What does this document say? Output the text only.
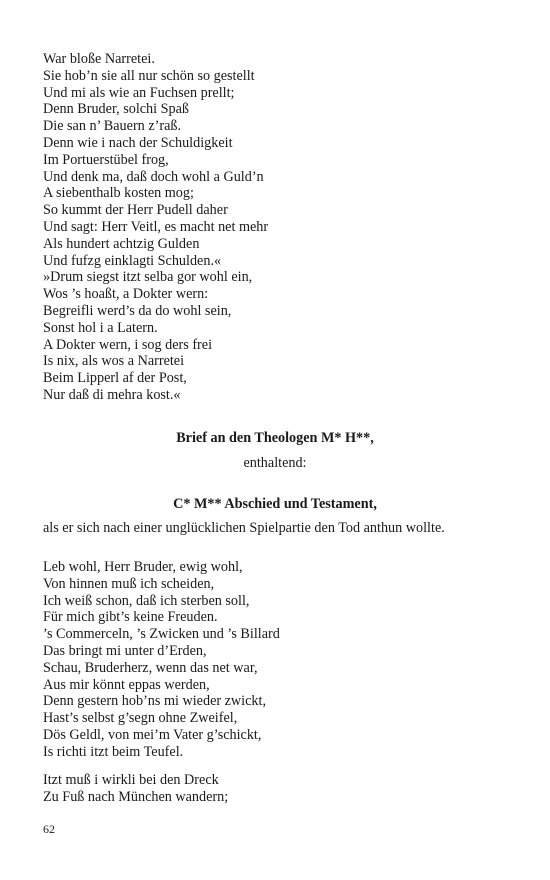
War bloße Narretei.
Sie hob’n sie all nur schön so gestellt
Und mi als wie an Fuchsen prellt;
Denn Bruder, solchi Spaß
Die san n’ Bauern z’raß.
Denn wie i nach der Schuldigkeit
Im Portuerstübel frog,
Und denk ma, daß doch wohl a Guld’n
A siebenthalb kosten mog;
So kummt der Herr Pudell daher
Und sagt: Herr Veitl, es macht net mehr
Als hundert achtzig Gulden
Und fufzg einklagti Schulden.«
»Drum siegst itzt selba gor wohl ein,
Wos ’s hoaßt, a Dokter wern:
Begreifli werd’s da do wohl sein,
Sonst hol i a Latern.
A Dokter wern, i sog ders frei
Is nix, als wos a Narretei
Beim Lipperl af der Post,
Nur daß di mehra kost.«

Brief an den Theologen M* H**,

enthaltend:

C* M** Abschied und Testament,

als er sich nach einer unglücklichen Spielpartie den Tod anthun wollte.

Leb wohl, Herr Bruder, ewig wohl,
Von hinnen muß ich scheiden,
Ich weiß schon, daß ich sterben soll,
Für mich gibt’s keine Freuden.
’s Commerceln, ’s Zwicken und ’s Billard
Das bringt mi unter d’Erden,
Schau, Bruderherz, wenn das net war,
Aus mir könnt eppas werden,
Denn gestern hob’ns mi wieder zwickt,
Hast’s selbst g’segn ohne Zweifel,
Dös Geldl, von mei’m Vater g’schickt,
Is richti itzt beim Teufel.
Itzt muß i wirkli bei den Dreck
Zu Fuß nach München wandern;
62
